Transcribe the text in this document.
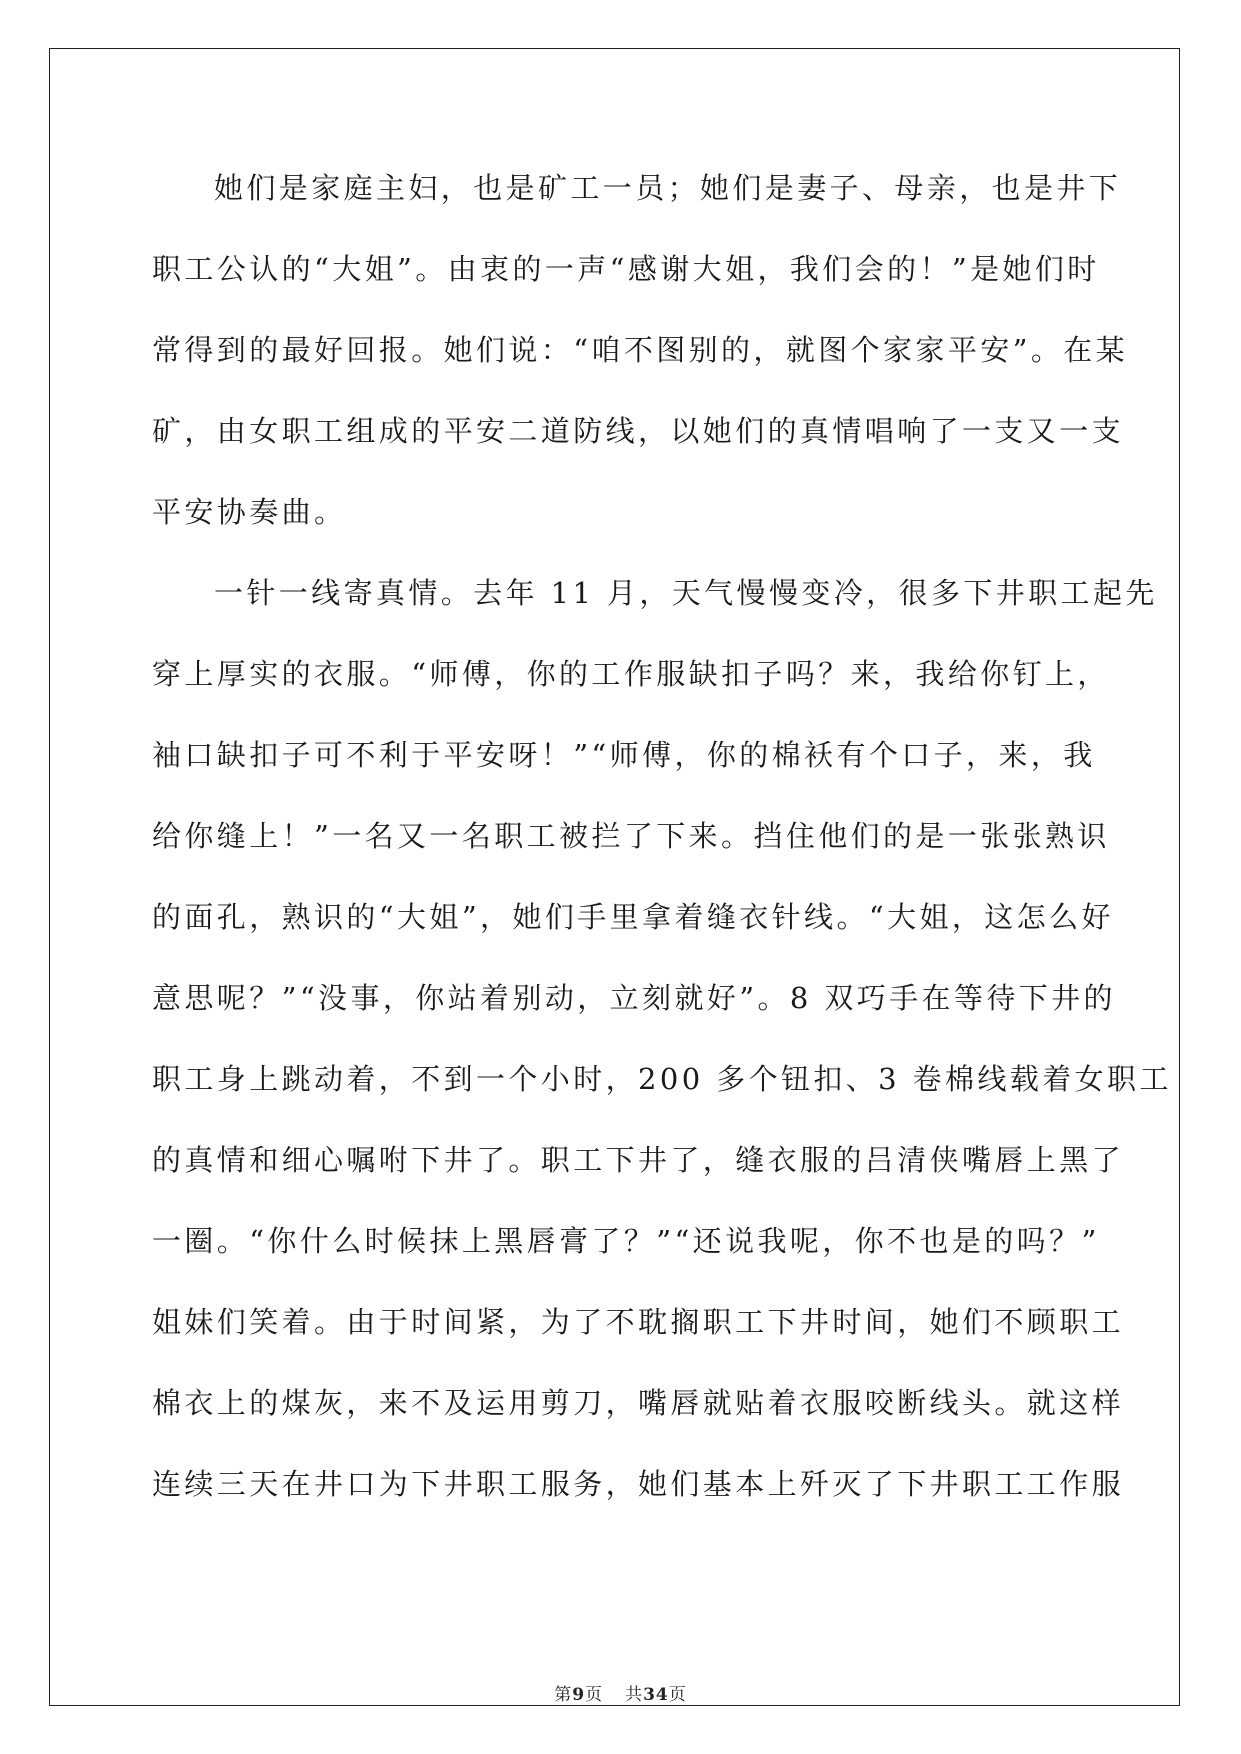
她们是家庭主妇，也是矿工一员；她们是妻子、母亲，也是井下
职工公认的“大姐”。由衷的一声“感谢大姐，我们会的！”是她们时
常得到的最好回报。她们说：“咱不图别的，就图个家家平安”。在某
矿，由女职工组成的平安二道防线，以她们的真情唱响了一支又一支
平安协奏曲。
一针一线寄真情。去年 11 月，天气慢慢变冷，很多下井职工起先
穿上厚实的衣服。“师傅，你的工作服缺扣子吗？来，我给你钉上，
袖口缺扣子可不利于平安呀！”“师傅，你的棉袄有个口子，来，我
给你缝上！”一名又一名职工被拦了下来。挡住他们的是一张张熟识
的面孔，熟识的“大姐”，她们手里拿着缝衣针线。“大姐，这怎么好
意思呢？”“没事，你站着别动，立刻就好”。8 双巧手在等待下井的
职工身上跳动着，不到一个小时，200 多个钮扣、3 卷棉线载着女职工
的真情和细心嘱咐下井了。职工下井了，缝衣服的吕清侠嘴唇上黑了
一圈。“你什么时候抹上黑唇膏了？”“还说我呢，你不也是的吗？”
姐妹们笑着。由于时间紧，为了不耽搁职工下井时间，她们不顾职工
棉衣上的煤灰，来不及运用剪刀，嘴唇就贴着衣服咬断线头。就这样
连续三天在井口为下井职工服务，她们基本上歼灭了下井职工工作服
第9页 共34页
